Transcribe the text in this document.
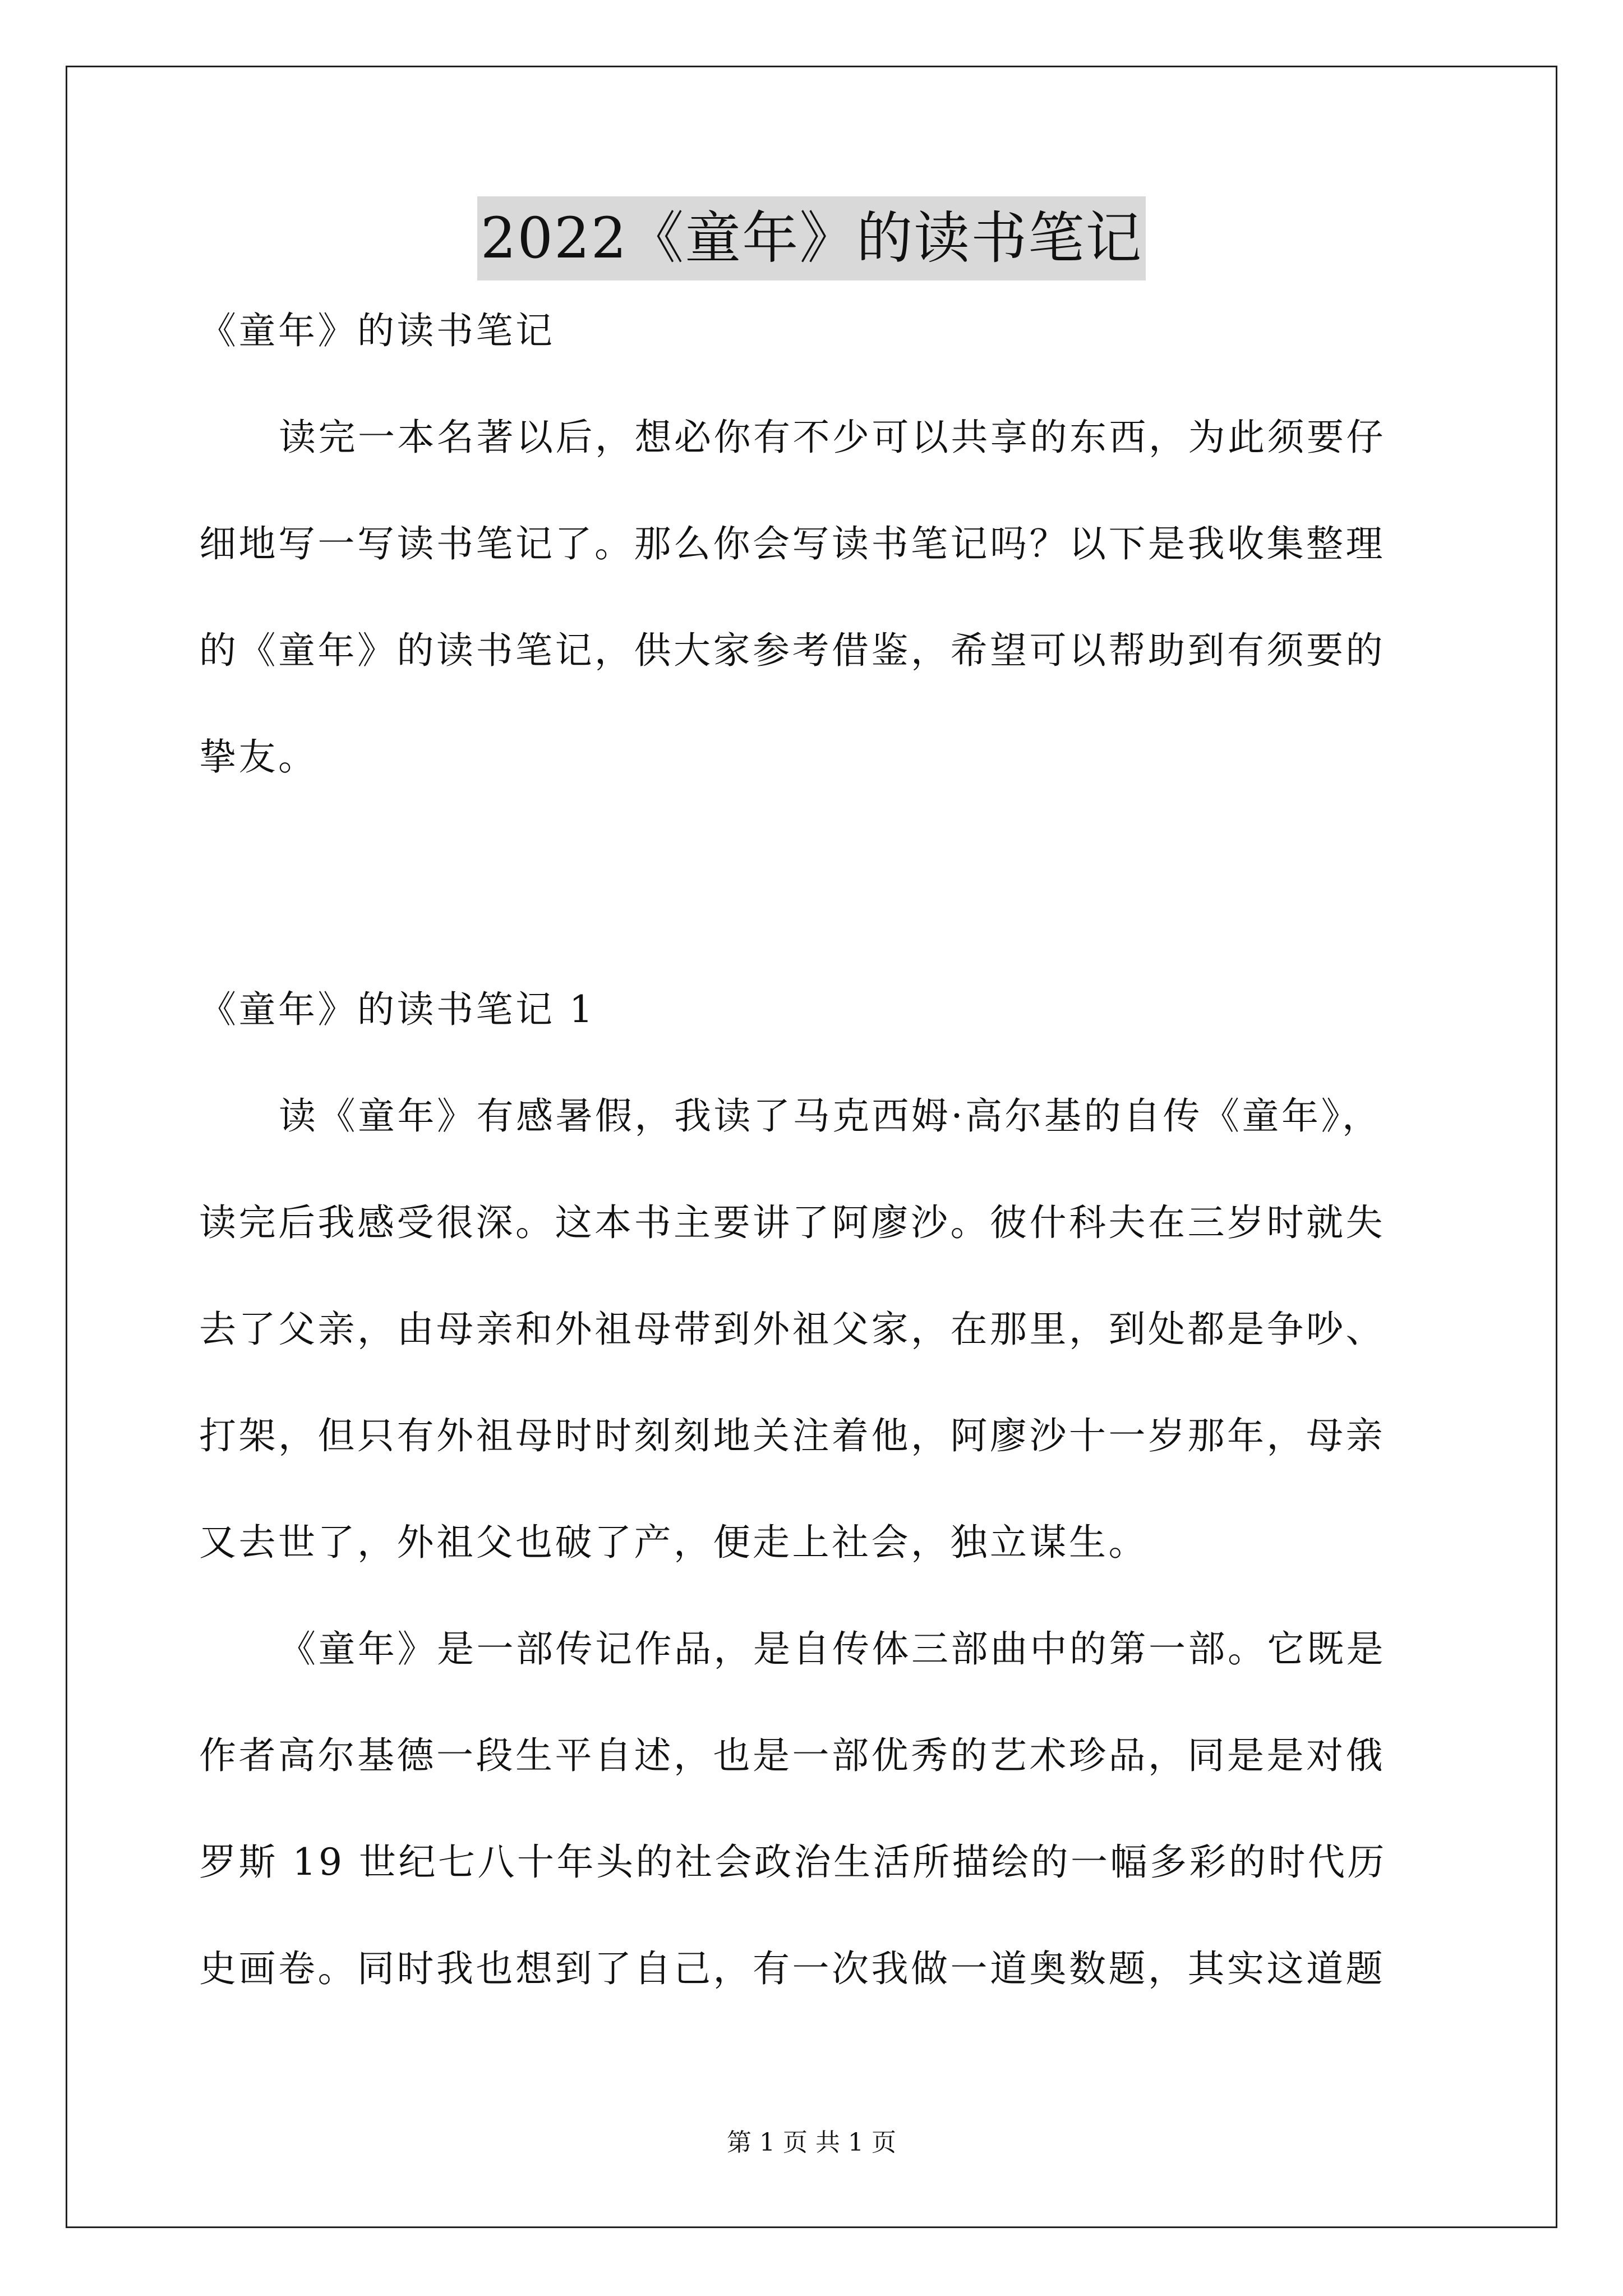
2022《童年》的读书笔记
《童年》的读书笔记
读完一本名著以后，想必你有不少可以共享的东西，为此须要仔
细地写一写读书笔记了。那么你会写读书笔记吗？以下是我收集整理
的《童年》的读书笔记，供大家参考借鉴，希望可以帮助到有须要的
挚友。
《童年》的读书笔记 1
读《童年》有感暑假，我读了马克西姆·高尔基的自传《童年》，
读完后我感受很深。这本书主要讲了阿廖沙。彼什科夫在三岁时就失
去了父亲，由母亲和外祖母带到外祖父家，在那里，到处都是争吵、
打架，但只有外祖母时时刻刻地关注着他，阿廖沙十一岁那年，母亲
又去世了，外祖父也破了产，便走上社会，独立谋生。
《童年》是一部传记作品，是自传体三部曲中的第一部。它既是
作者高尔基德一段生平自述，也是一部优秀的艺术珍品，同是是对俄
罗斯 19 世纪七八十年头的社会政治生活所描绘的一幅多彩的时代历
史画卷。同时我也想到了自己，有一次我做一道奥数题，其实这道题
第 1 页 共 1 页
